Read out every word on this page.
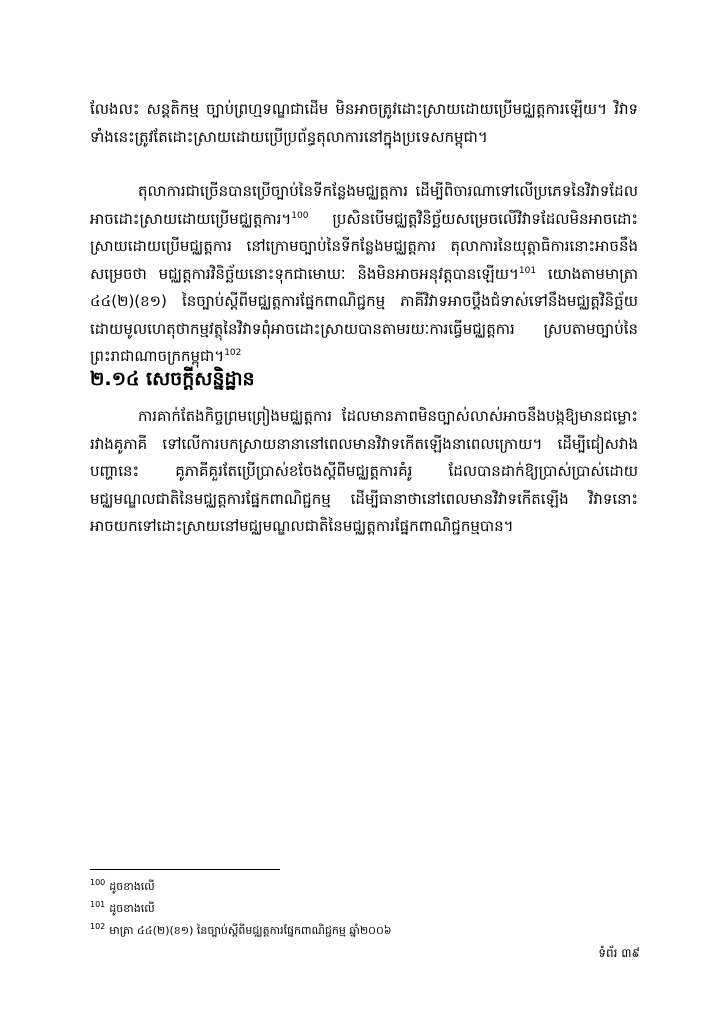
លែងលះ សន្ដតិកម្ម ច្បាប់ព្រហ្មទណ្ឌជាដើម មិនអាចត្រូវដោះស្រាយដោយប្រើមជ្ឈត្តការឡើយ។ វិវាទទាំងនេះត្រូវតែដោះស្រាយដោយប្រើប្រព័ន្ធតុលាការនៅក្នុងប្រទេសកម្ពុជា។

តុលាការជាច្រើនបានប្រើច្បាប់នៃទីកន្លែងមជ្ឈត្តការ ដើម្បីពិចារណាទៅលើប្រភេទនៃវិវាទដែលអាចដោះស្រាយដោយប្រើមជ្ឈត្តការ។$^{100}$ ប្រសិនបើមជ្ឈត្តវិនិច្ឆ័យសម្រេចលើវិវាទដែលមិនអាចដោះស្រាយដោយប្រើមជ្ឈត្តការ នៅក្រោមច្បាប់នៃទីកន្លែងមជ្ឈត្តការ តុលាការនៃយុត្តាធិការនោះអាចនឹងសម្រេចថា មជ្ឈត្តការវិនិច្ឆ័យនោះទុកជាមោឃៈ និងមិនអាចអនុវត្តបានឡើយ។$^{101}$ យោងតាមមាត្រា ៤៤(២)(ខ១) នៃច្បាប់ស្ដីពីមជ្ឈត្តការផ្នែកពាណិជ្ជកម្ម ភាគីវិវាទអាចប្ដឹងជំទាស់ទៅនឹងមជ្ឈត្តវិនិច្ឆ័យ ដោយមូលហេតុថាកម្មវត្ថុនៃវិវាទពុំអាចដោះស្រាយបានតាមរយៈការធ្វើមជ្ឈត្តការ ស្របតាមច្បាប់នៃព្រះរាជាណាចក្រកម្ពុជា។$^{102}$

២.១៤ សេចក្ដីសន្និដ្ឋាន

ការគាក់តែងកិច្ចព្រមព្រៀងមជ្ឈត្តការ ដែលមានភាពមិនច្បាស់លាស់អាចនឹងបង្កឱ្យមានជម្លោះរវាងគូភាគី ទៅលើការបកស្រាយនានានៅពេលមានវិវាទកើតឡើងនាពេលក្រោយ។ ដើម្បីជៀសវាងបញ្ហានេះ គូភាគីគួរតែប្រើប្រាស់ខចែងស្ដីពីមជ្ឈត្តការគំរូ ដែលបានដាក់ឱ្យប្រាស់ប្រាស់ដោយមជ្ឈមណ្ឌលជាតិនៃមជ្ឈត្តការផ្នែកពាណិជ្ជកម្ម ដើម្បីធានាថានៅពេលមានវិវាទកើតឡើង វិវាទនោះអាចយកទៅដោះស្រាយនៅមជ្ឈមណ្ឌលជាតិនៃមជ្ឈត្តការផ្នែកពាណិជ្ជកម្មបាន។

$^{100}$ ដូចខាងលើ
$^{101}$ ដូចខាងលើ
$^{102}$ មាត្រា ៤៤(២)(ខ១) នៃច្បាប់ស្ដីពីមជ្ឈត្តការផ្នែកពាណិជ្ជកម្ម ឆ្នាំ២០០៦
ទំព័រ ៣៩
